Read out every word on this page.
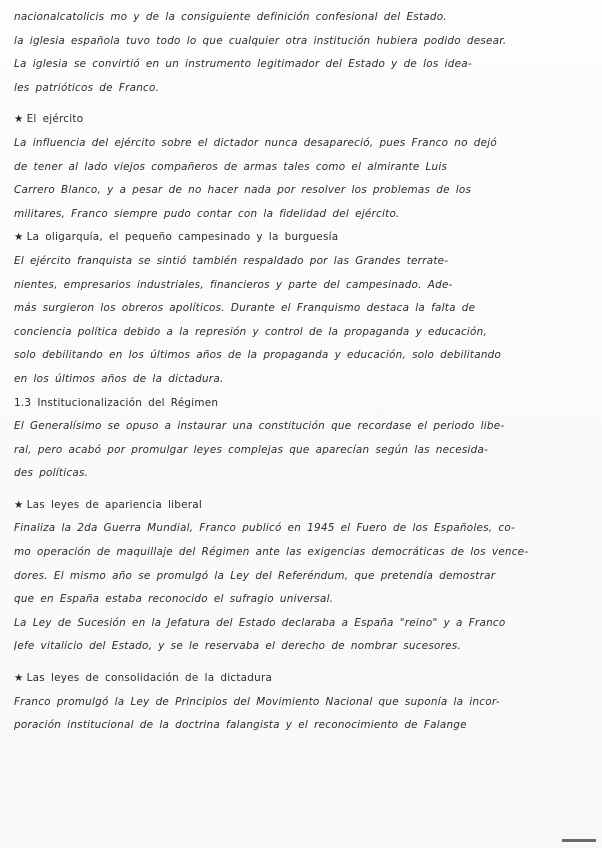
nacionalcatolicis mo y de la consiguiente definición confesional del Estado.
la iglesia española tuvo todo lo que cualquier otra institución hubiera podido desear.
La iglesia se convirtió en un instrumento legitimador del Estado y de los idea-
les patrióticos de Franco.
★ El ejército
La influencia del ejército sobre el dictador nunca desapareció, pues Franco no dejó
de tener al lado viejos compañeros de armas tales como el almirante Luis
Carrero Blanco, y a pesar de no hacer nada por resolver los problemas de los
militares, Franco siempre pudo contar con la fidelidad del ejército.
★ La oligarquía, el pequeño campesinado y la burguesía
El ejército franquista se sintió también respaldado por las Grandes terrate-
nientes, empresarios industriales, financieros y parte del campesinado. Ade-
más surgieron los obreros apolíticos. Durante el Franquismo destaca la falta de
conciencia política debido a la represión y control de la propaganda y educación,
solo debilitando en los últimos años de la propaganda y educación, solo debilitando
en los últimos años de la dictadura.
1.3 Institucionalización del Régimen
El Generalísimo se opuso a instaurar una constitución que recordase el periodo libe-
ral, pero acabó por promulgar leyes complejas que aparecían según las necesida-
des políticas.
★ Las leyes de apariencia liberal
Finaliza la 2da Guerra Mundial, Franco publicó en 1945 el Fuero de los Españoles, co-
mo operación de maquillaje del Régimen ante las exigencias democráticas de los vence-
dores. El mismo año se promulgó la Ley del Referéndum, que pretendía demostrar
que en España estaba reconocido el sufragio universal.
La Ley de Sucesión en la Jefatura del Estado declaraba a España "reino" y a Franco
Jefe vitalicio del Estado, y se le reservaba el derecho de nombrar sucesores.
★ Las leyes de consolidación de la dictadura
Franco promulgó la Ley de Principios del Movimiento Nacional que suponía la incor-
poración institucional de la doctrina falangista y el reconocimiento de Falange
